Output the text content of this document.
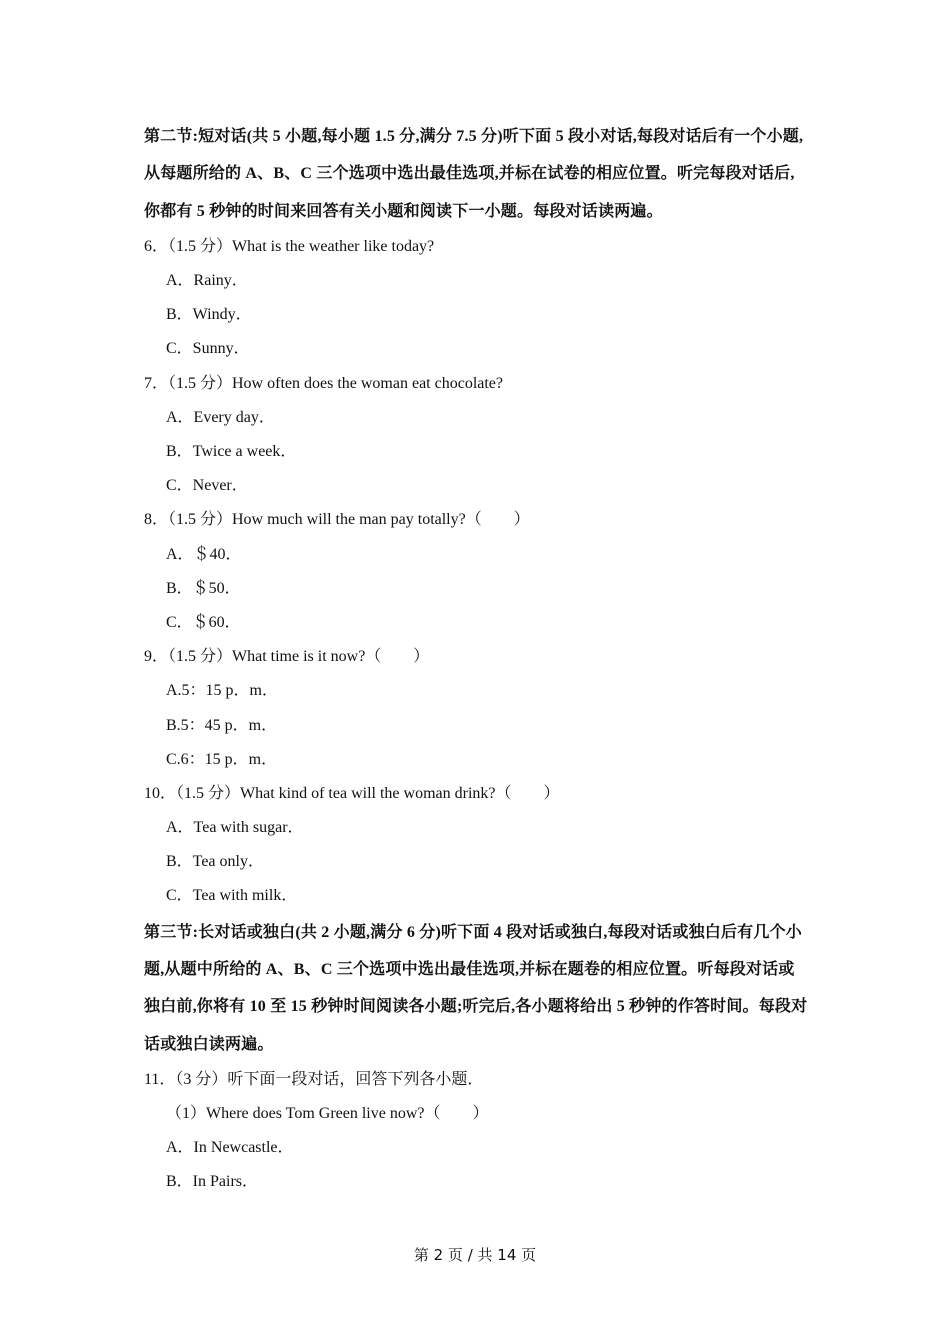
第二节:短对话(共 5 小题,每小题 1.5 分,满分 7.5 分)听下面 5 段小对话,每段对话后有一个小题,从每题所给的 A、B、C 三个选项中选出最佳选项,并标在试卷的相应位置。听完每段对话后,你都有 5 秒钟的时间来回答有关小题和阅读下一小题。每段对话读两遍。

6．（1.5 分）What is the weather like today?

A．Rainy．

B．Windy．

C．Sunny．

7．（1.5 分）How often does the woman eat chocolate?

A．Every day．

B．Twice a week．

C．Never．

8．（1.5 分）How much will the man pay totally?（　　）

A．＄40．

B．＄50．

C．＄60．

9．（1.5 分）What time is it now?（　　）

A.5：15 p．m．

B.5：45 p．m．

C.6：15 p．m．

10．（1.5 分）What kind of tea will the woman drink?（　　）

A．Tea with sugar．

B．Tea only．

C．Tea with milk．

第三节:长对话或独白(共 2 小题,满分 6 分)听下面 4 段对话或独白,每段对话或独白后有几个小题,从题中所给的 A、B、C 三个选项中选出最佳选项,并标在题卷的相应位置。听每段对话或独白前,你将有 10 至 15 秒钟时间阅读各小题;听完后,各小题将给出 5 秒钟的作答时间。每段对话或独白读两遍。

11．（3 分）听下面一段对话，回答下列各小题．

（1）Where does Tom Green live now?（　　）

A．In Newcastle．

B．In Pairs．

第 2 页 / 共 14 页
